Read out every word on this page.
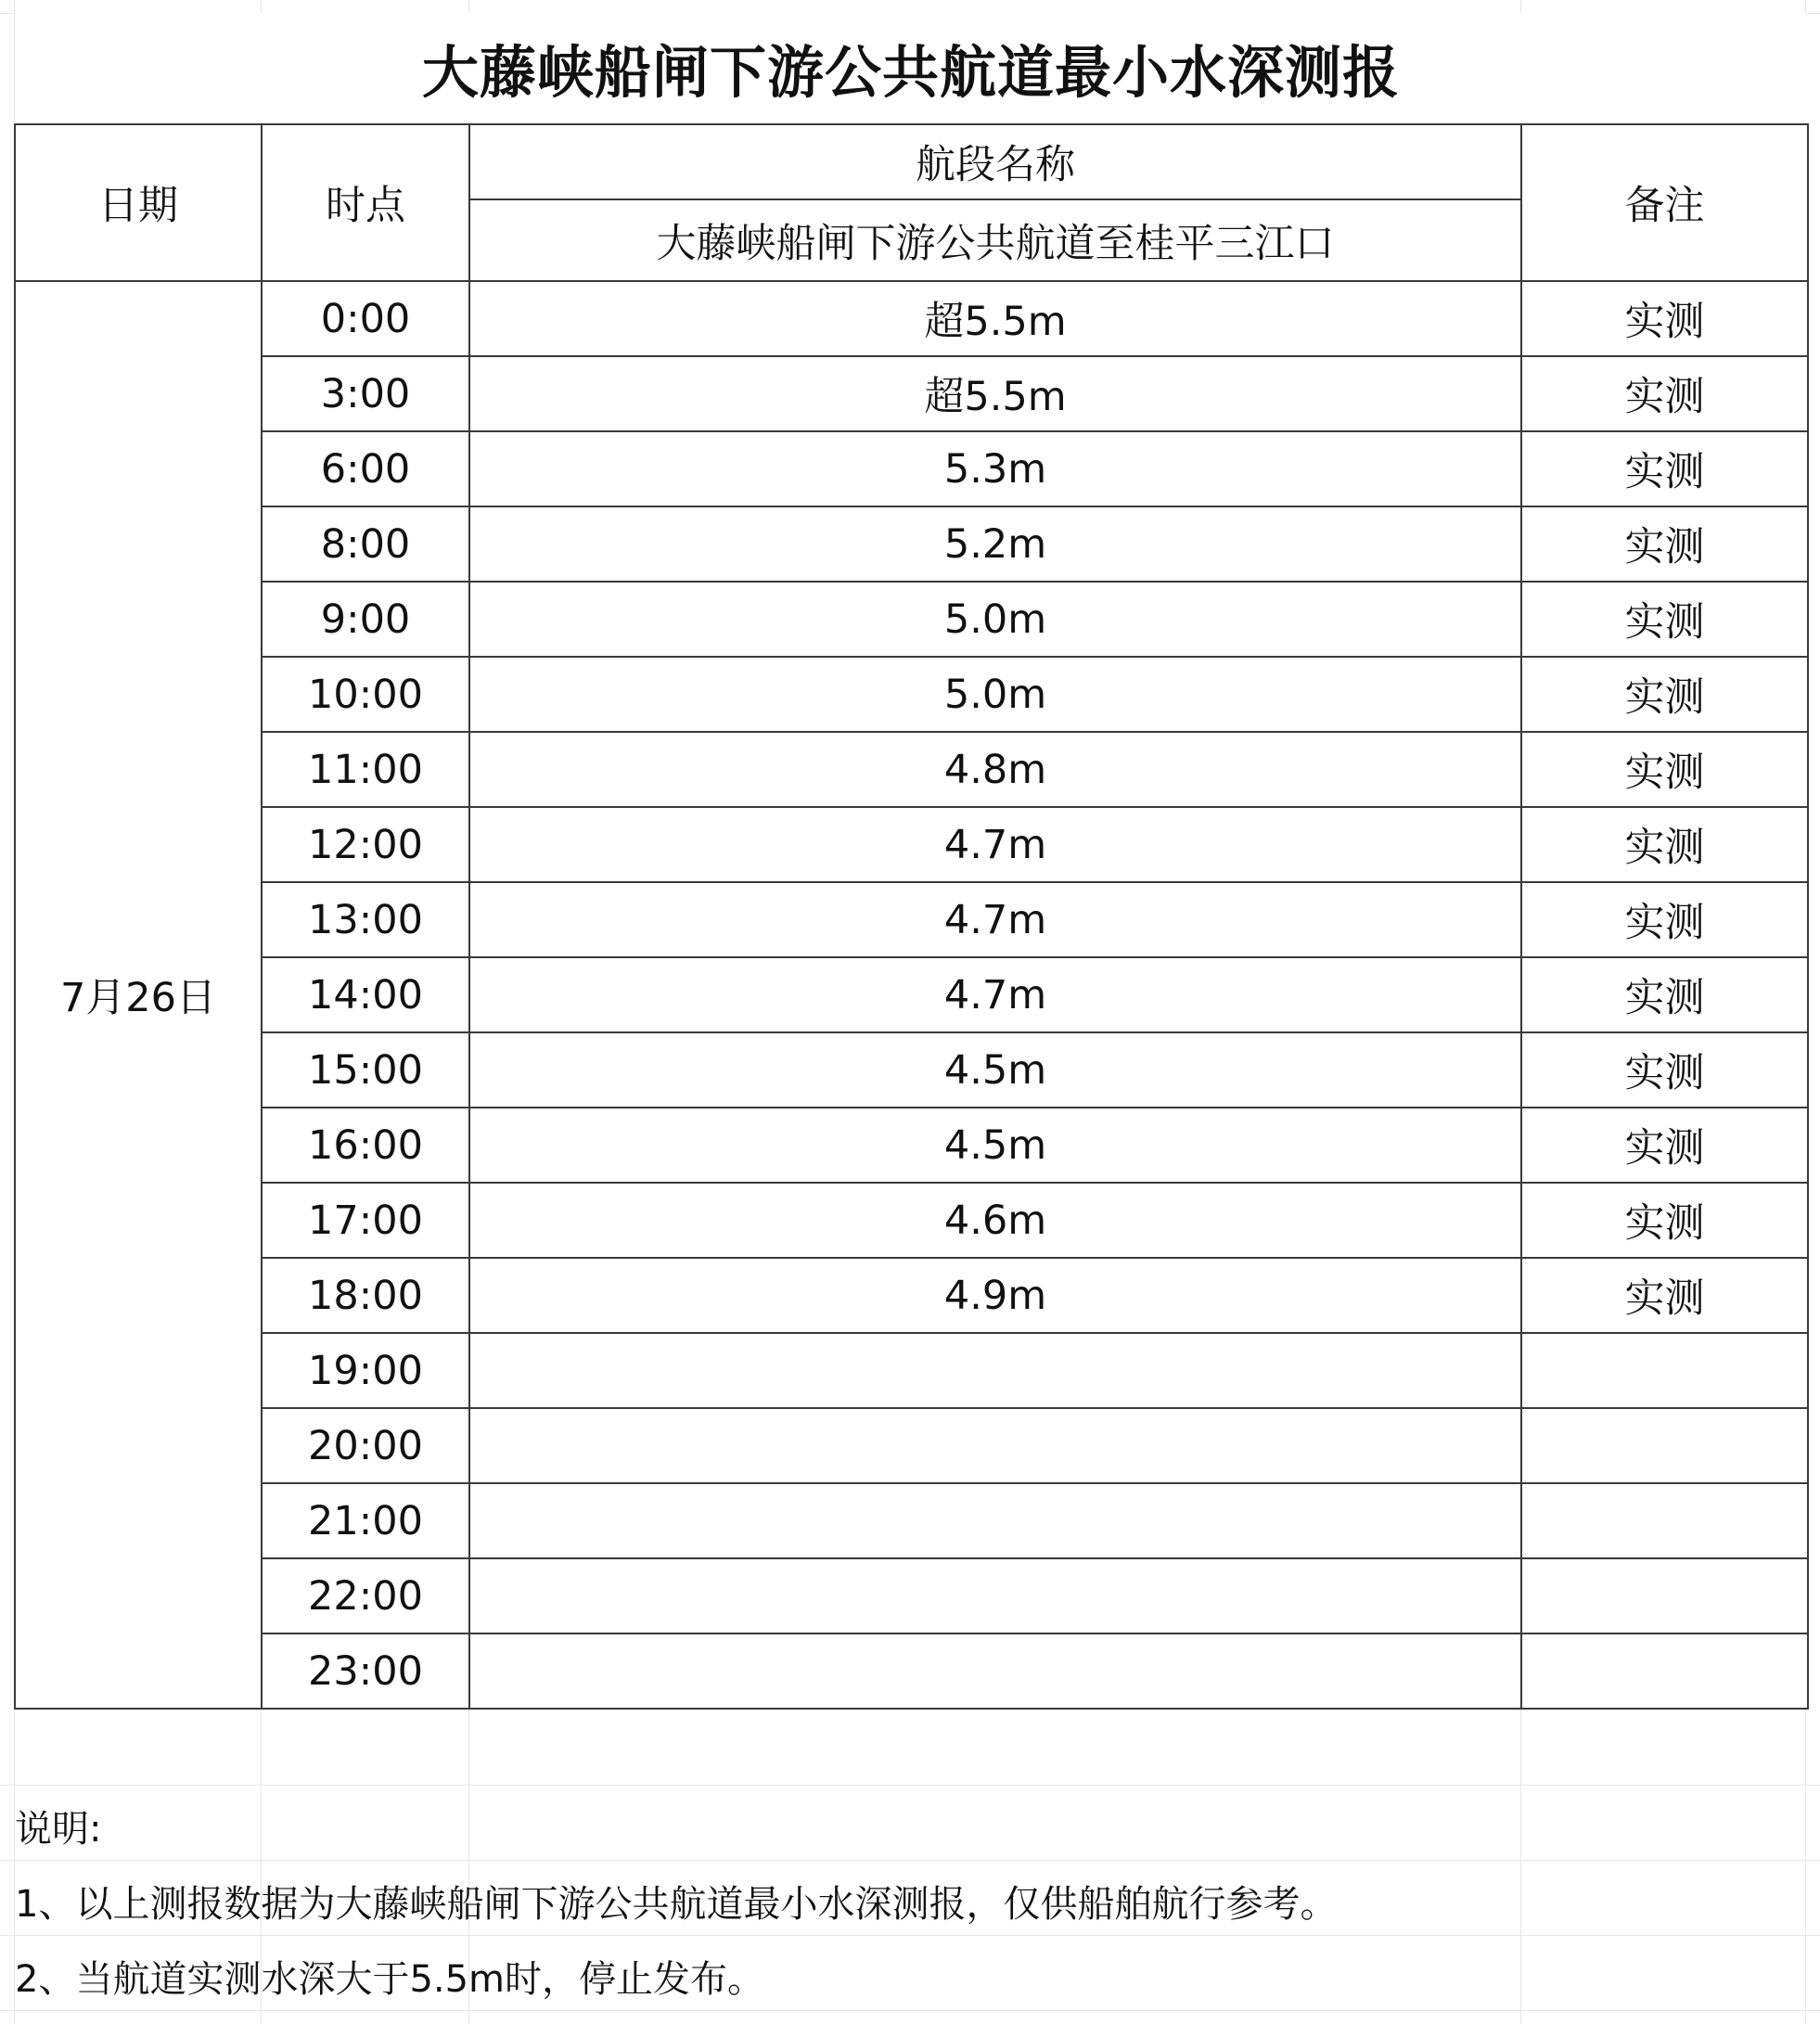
大藤峡船闸下游公共航道最小水深测报
日期	时点	航段名称	备注
		大藤峡船闸下游公共航道至桂平三江口	
7月26日	0:00	超5.5m	实测
	3:00	超5.5m	实测
	6:00	5.3m	实测
	8:00	5.2m	实测
	9:00	5.0m	实测
	10:00	5.0m	实测
	11:00	4.8m	实测
	12:00	4.7m	实测
	13:00	4.7m	实测
	14:00	4.7m	实测
	15:00	4.5m	实测
	16:00	4.5m	实测
	17:00	4.6m	实测
	18:00	4.9m	实测
	19:00		
	20:00		
	21:00		
	22:00		
	23:00		
说明:
1、以上测报数据为大藤峡船闸下游公共航道最小水深测报，仅供船舶航行参考。
2、当航道实测水深大于5.5m时，停止发布。
